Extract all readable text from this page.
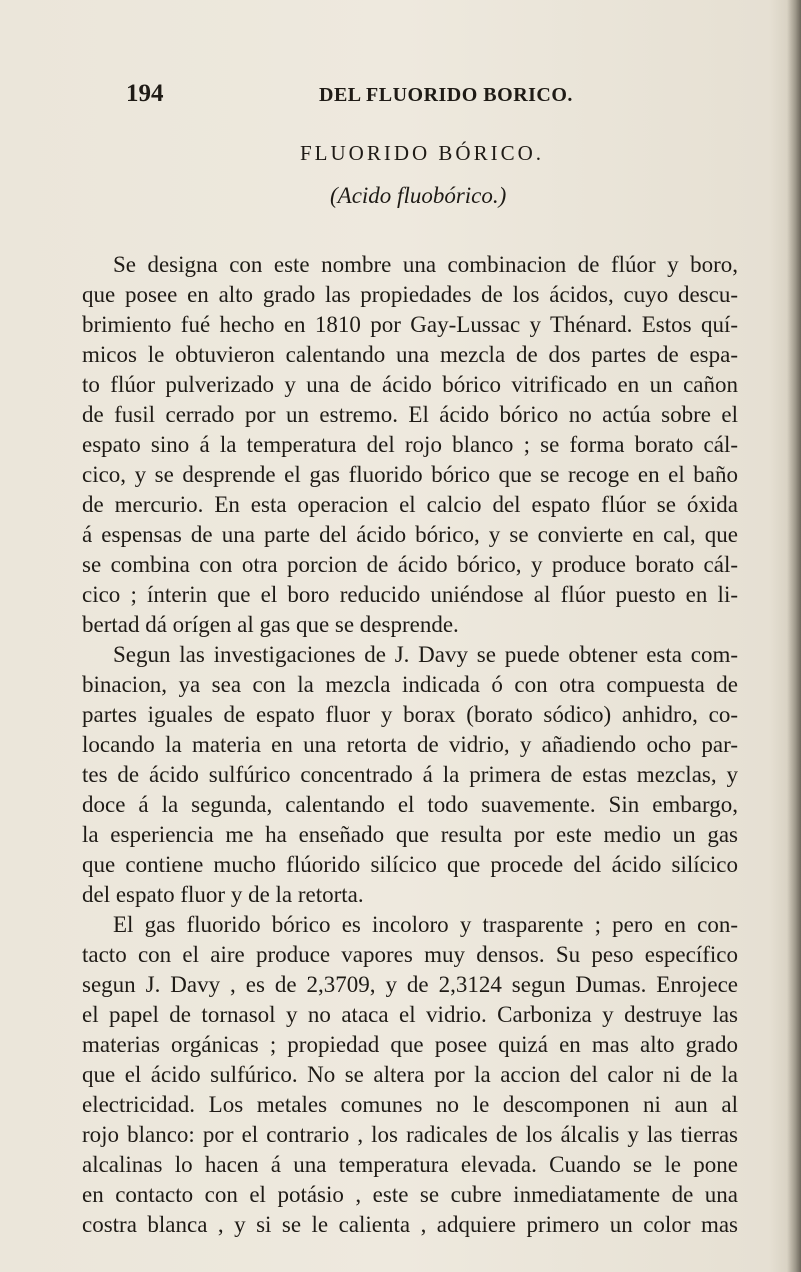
194	DEL FLUORIDO BORICO.
FLUORIDO BÓRICO.
(Acido fluobórico.)
Se designa con este nombre una combinacion de flúor y boro,
que posee en alto grado las propiedades de los ácidos, cuyo descu-
brimiento fué hecho en 1810 por Gay-Lussac y Thénard. Estos quí-
micos le obtuvieron calentando una mezcla de dos partes de espa-
to flúor pulverizado y una de ácido bórico vitrificado en un cañon
de fusil cerrado por un estremo. El ácido bórico no actúa sobre el
espato sino á la temperatura del rojo blanco ; se forma borato cál-
cico, y se desprende el gas fluorido bórico que se recoge en el baño
de mercurio. En esta operacion el calcio del espato flúor se óxida
á espensas de una parte del ácido bórico, y se convierte en cal, que
se combina con otra porcion de ácido bórico, y produce borato cál-
cico ; ínterin que el boro reducido uniéndose al flúor puesto en li-
bertad dá orígen al gas que se desprende.
Segun las investigaciones de J. Davy se puede obtener esta com-
binacion, ya sea con la mezcla indicada ó con otra compuesta de
partes iguales de espato fluor y borax (borato sódico) anhidro, co-
locando la materia en una retorta de vidrio, y añadiendo ocho par-
tes de ácido sulfúrico concentrado á la primera de estas mezclas, y
doce á la segunda, calentando el todo suavemente. Sin embargo,
la esperiencia me ha enseñado que resulta por este medio un gas
que contiene mucho flúorido silícico que procede del ácido silícico
del espato fluor y de la retorta.
El gas fluorido bórico es incoloro y trasparente ; pero en con-
tacto con el aire produce vapores muy densos. Su peso específico
segun J. Davy , es de 2,3709, y de 2,3124 segun Dumas. Enrojece
el papel de tornasol y no ataca el vidrio. Carboniza y destruye las
materias orgánicas ; propiedad que posee quizá en mas alto grado
que el ácido sulfúrico. No se altera por la accion del calor ni de la
electricidad. Los metales comunes no le descomponen ni aun al
rojo blanco: por el contrario , los radicales de los álcalis y las tierras
alcalinas lo hacen á una temperatura elevada. Cuando se le pone
en contacto con el potásio , este se cubre inmediatamente de una
costra blanca , y si se le calienta , adquiere primero un color mas
